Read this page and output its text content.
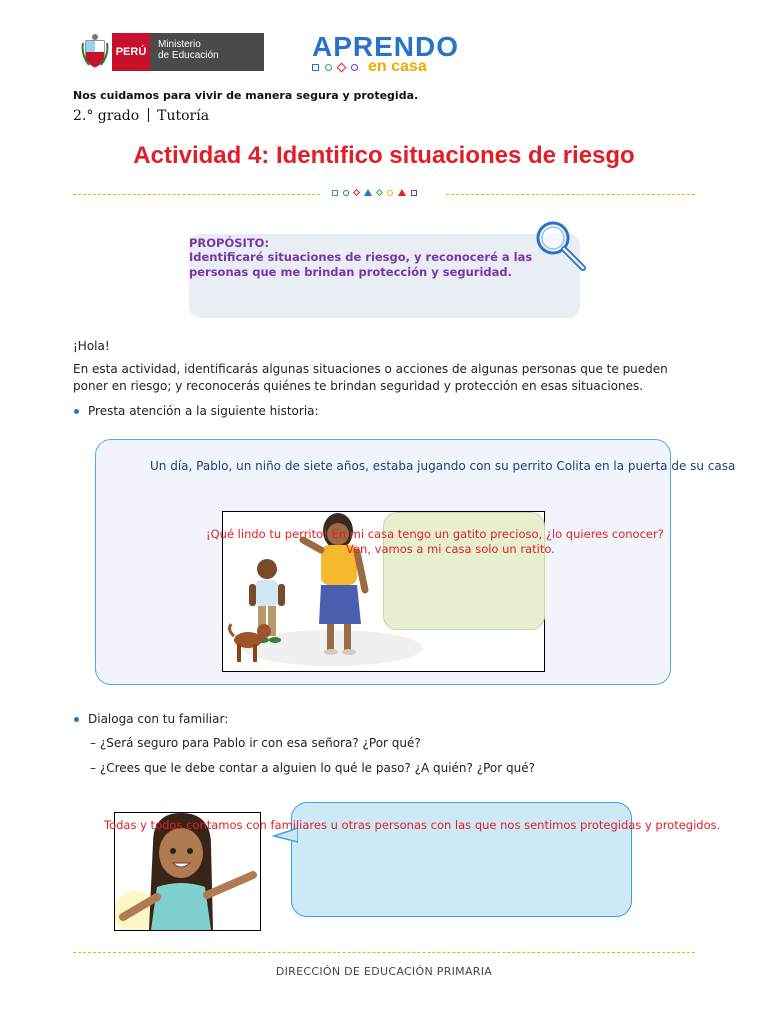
PERÚ
Ministerio
de Educación	APRENDO
en casa
Nos cuidamos para vivir de manera segura y protegida.
2.° grado Tutoría
Actividad 4: Identifico situaciones de riesgo
PROPÓSITO:
Identificaré situaciones de riesgo, y reconoceré a las
personas que me brindan protección y seguridad.
¡Hola!
En esta actividad, identificarás algunas situaciones o acciones de algunas personas que te pueden
poner en riesgo; y reconocerás quiénes te brindan seguridad y protección en esas situaciones.
Presta atención a la siguiente historia:
Un día, Pablo, un niño de siete años, estaba jugando con su perrito Colita en la puerta de su casa
¡Qué lindo tu perrito! En mi casa tengo un gatito precioso, ¿lo quieres conocer?
Ven, vamos a mi casa solo un ratito.
Dialoga con tu familiar:
– ¿Será seguro para Pablo ir con esa señora? ¿Por qué?
– ¿Crees que le debe contar a alguien lo qué le paso? ¿A quién? ¿Por qué?
Todas y todos contamos con familiares u otras personas con las que nos sentimos protegidas y protegidos.
DIRECCIÓN DE EDUCACIÓN PRIMARIA
